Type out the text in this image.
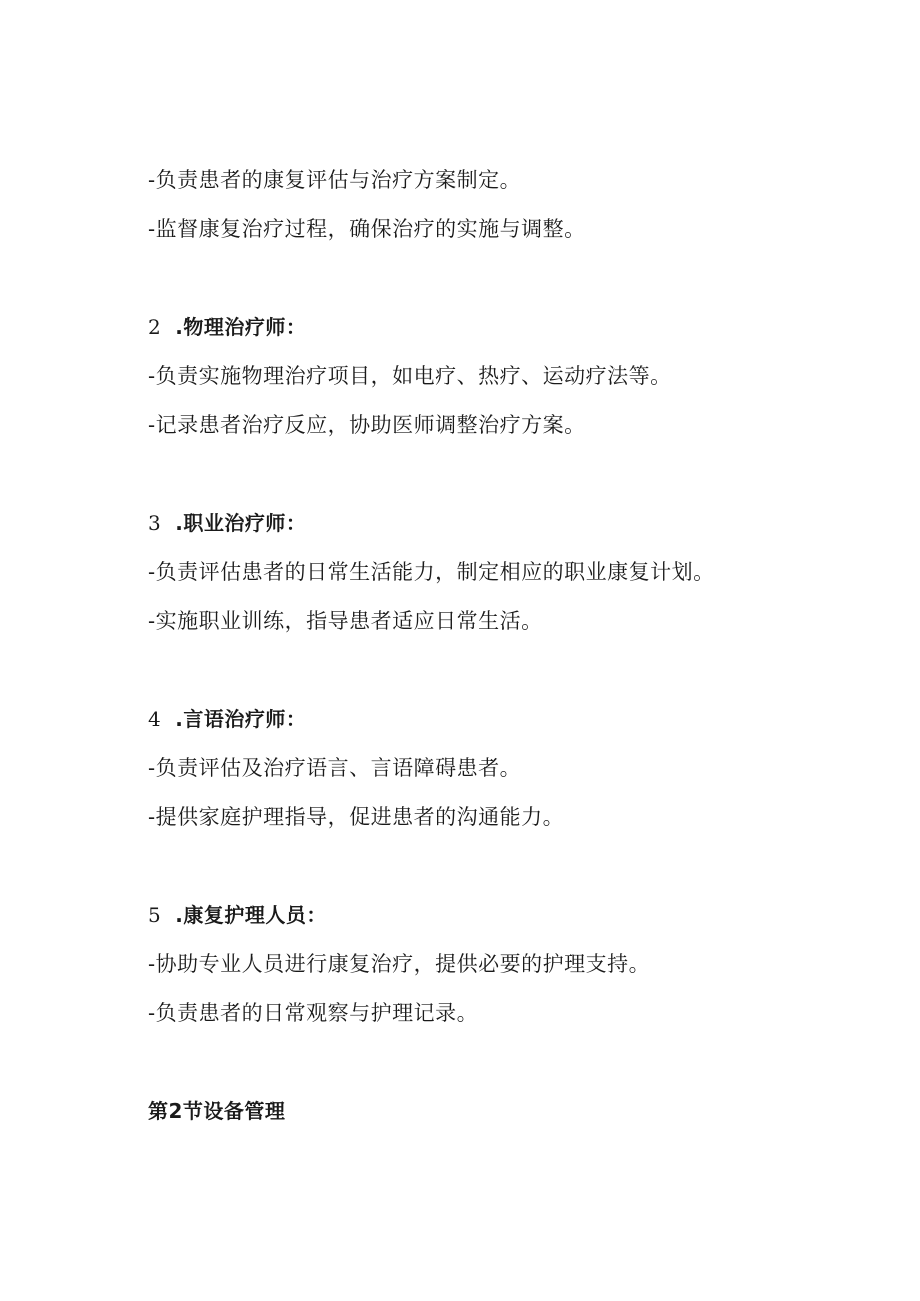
-负责患者的康复评估与治疗方案制定。
-监督康复治疗过程，确保治疗的实施与调整。
2 .物理治疗师：
-负责实施物理治疗项目，如电疗、热疗、运动疗法等。
-记录患者治疗反应，协助医师调整治疗方案。
3 .职业治疗师：
-负责评估患者的日常生活能力，制定相应的职业康复计划。
-实施职业训练，指导患者适应日常生活。
4 .言语治疗师：
-负责评估及治疗语言、言语障碍患者。
-提供家庭护理指导，促进患者的沟通能力。
5 .康复护理人员：
-协助专业人员进行康复治疗，提供必要的护理支持。
-负责患者的日常观察与护理记录。
第2节设备管理
